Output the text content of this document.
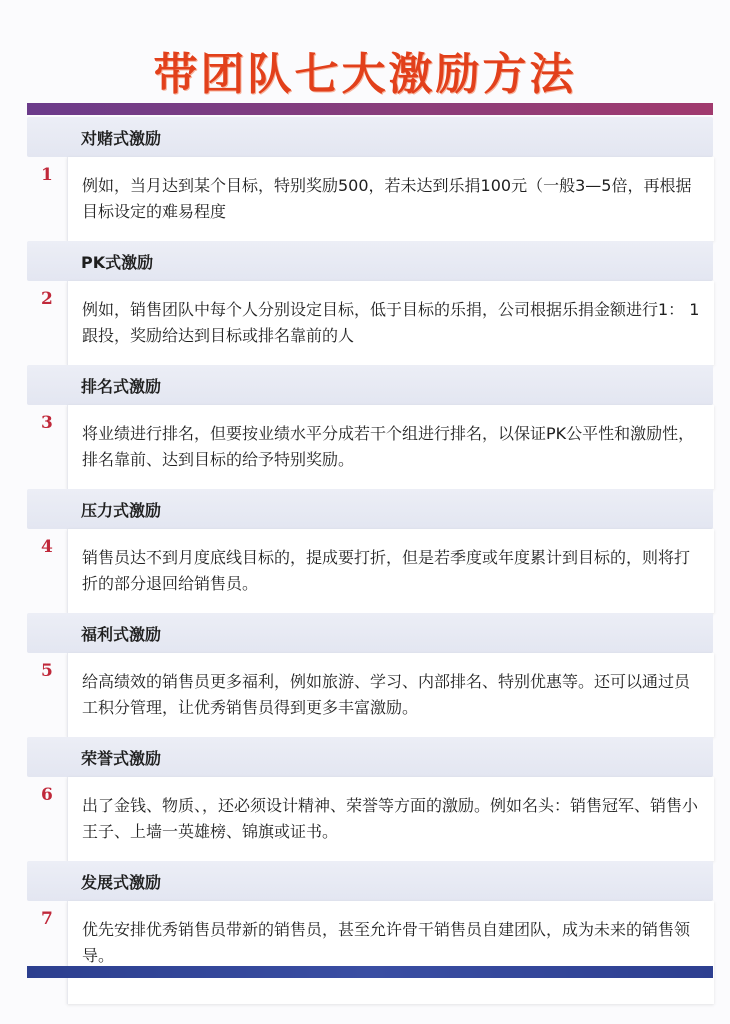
带团队七大激励方法
对赌式激励
1
例如，当月达到某个目标，特别奖励500，若未达到乐捐100元（一般3—5倍，再根据目标设定的难易程度
PK式激励
2
例如，销售团队中每个人分别设定目标，低于目标的乐捐，公司根据乐捐金额进行1： 1跟投，奖励给达到目标或排名靠前的人
排名式激励
3
将业绩进行排名，但要按业绩水平分成若干个组进行排名，以保证PK公平性和激励性，排名靠前、达到目标的给予特别奖励。
压力式激励
4
销售员达不到月度底线目标的，提成要打折，但是若季度或年度累计到目标的，则将打折的部分退回给销售员。
福利式激励
5
给高绩效的销售员更多福利，例如旅游、学习、内部排名、特别优惠等。还可以通过员工积分管理，让优秀销售员得到更多丰富激励。
荣誉式激励
6
出了金钱、物质、，还必须设计精神、荣誉等方面的激励。例如名头：销售冠军、销售小王子、上墙一英雄榜、锦旗或证书。
发展式激励
7
优先安排优秀销售员带新的销售员，甚至允许骨干销售员自建团队，成为未来的销售领导。
